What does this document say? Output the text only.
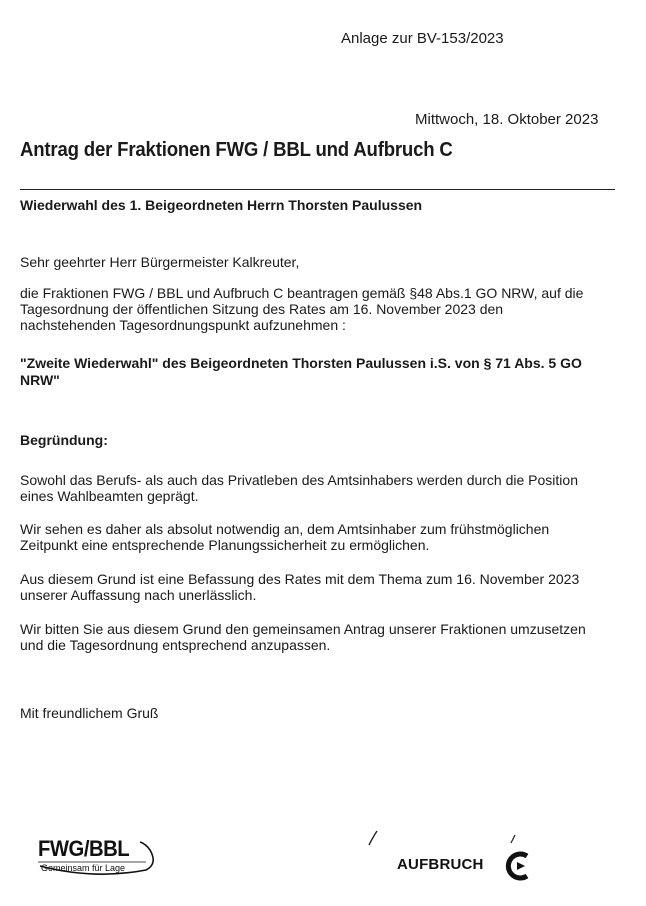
Anlage zur BV-153/2023
Mittwoch, 18. Oktober 2023
Antrag der Fraktionen FWG / BBL und Aufbruch C
Wiederwahl des 1. Beigeordneten Herrn Thorsten Paulussen
Sehr geehrter Herr Bürgermeister Kalkreuter,
die Fraktionen FWG / BBL und Aufbruch C beantragen gemäß §48 Abs.1 GO NRW, auf die
Tagesordnung der öffentlichen Sitzung des Rates am 16. November 2023 den
nachstehenden Tagesordnungspunkt aufzunehmen :
"Zweite Wiederwahl" des Beigeordneten Thorsten Paulussen i.S. von § 71 Abs. 5 GO
NRW"
Begründung:
Sowohl das Berufs- als auch das Privatleben des Amtsinhabers werden durch die Position
eines Wahlbeamten geprägt.
Wir sehen es daher als absolut notwendig an, dem Amtsinhaber zum frühstmöglichen
Zeitpunkt eine entsprechende Planungssicherheit zu ermöglichen.
Aus diesem Grund ist eine Befassung des Rates mit dem Thema zum 16. November 2023
unserer Auffassung nach unerlässlich.
Wir bitten Sie aus diesem Grund den gemeinsamen Antrag unserer Fraktionen umzusetzen
und die Tagesordnung entsprechend anzupassen.
Mit freundlichem Gruß
FWG/BBL
Gemeinsam für Lage	AUFBRUCH
